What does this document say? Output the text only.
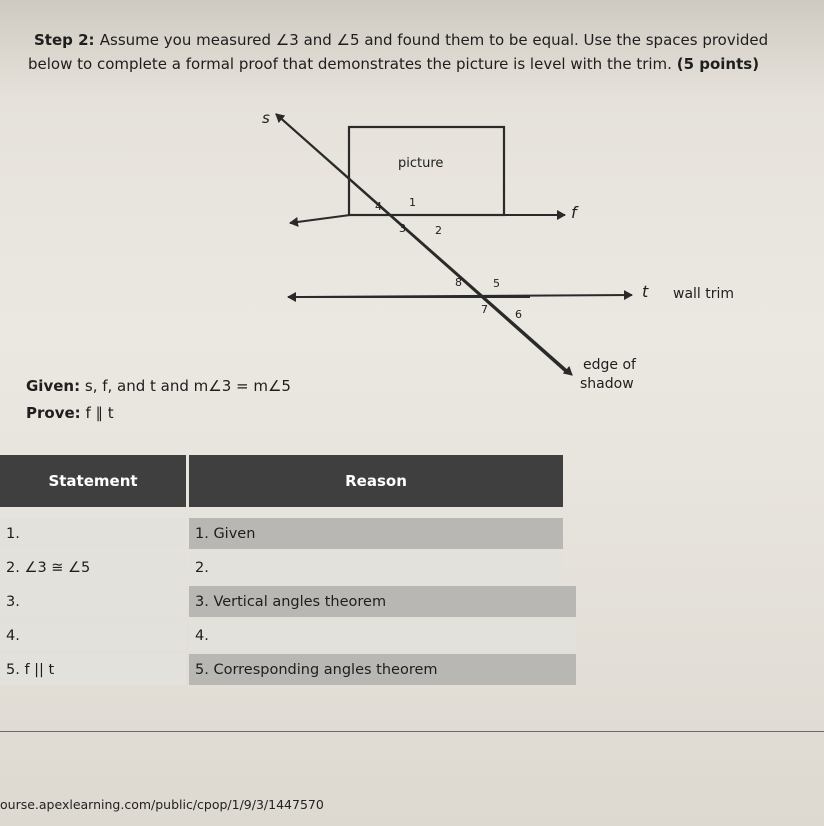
Step 2: Assume you measured ∠3 and ∠5 and found them to be equal. Use the spaces provided
below to complete a formal proof that demonstrates the picture is level with the trim. (5 points)
picture
s
f
t wall trim
edge of
shadow
1
2
3
4
5
6
7
8
Given: s, f, and t and m∠3 = m∠5
Prove: f ∥ t
Statement	Reason
1.	1. Given
2. ∠3 ≅ ∠5	2.
3.	3. Vertical angles theorem
4.	4.
5. f || t	5. Corresponding angles theorem
ourse.apexlearning.com/public/cpop/1/9/3/1447570
